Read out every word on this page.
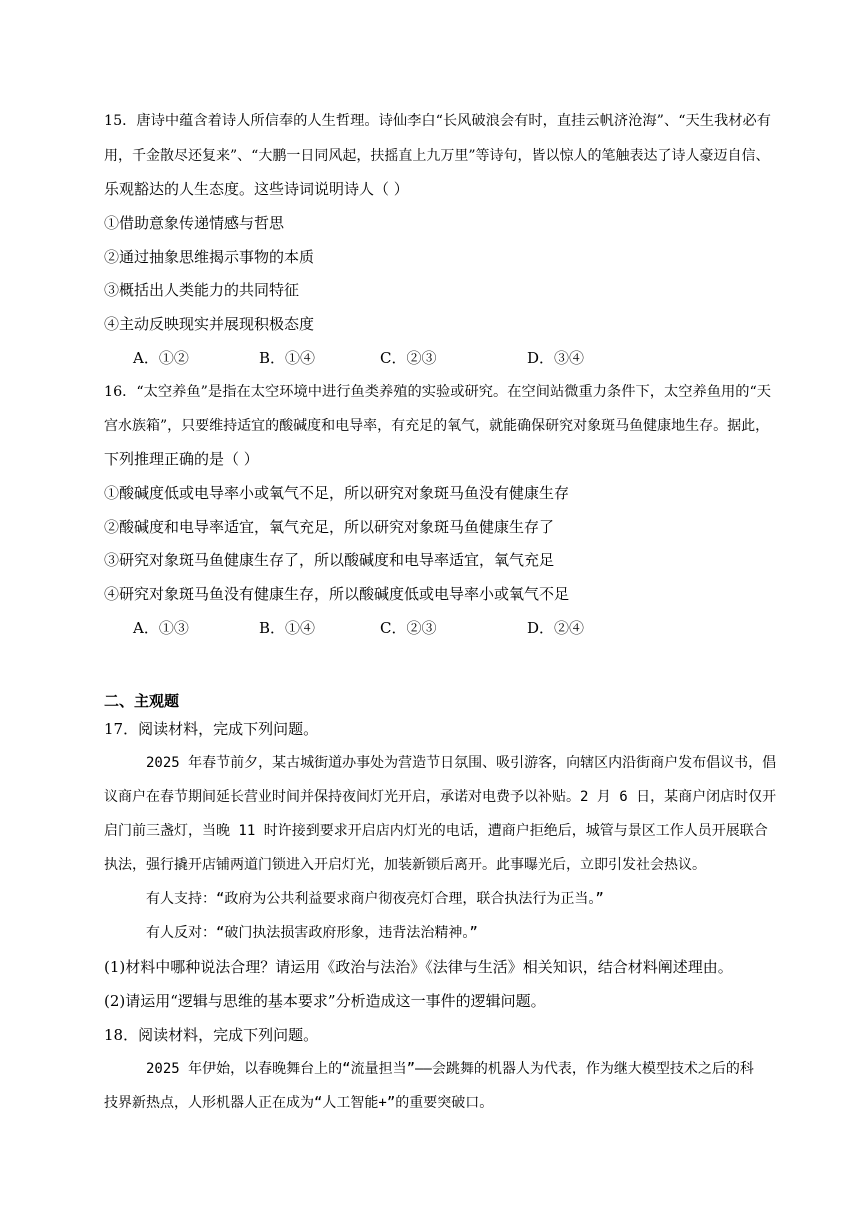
15．唐诗中蕴含着诗人所信奉的人生哲理。诗仙李白“长风破浪会有时，直挂云帆济沧海”、“天生我材必有
用，千金散尽还复来”、“大鹏一日同风起，扶摇直上九万里”等诗句，皆以惊人的笔触表达了诗人豪迈自信、
乐观豁达的人生态度。这些诗词说明诗人（ ）
①借助意象传递情感与哲思
②通过抽象思维揭示事物的本质
③概括出人类能力的共同特征
④主动反映现实并展现积极态度
A．①②	B．①④	C．②③	D．③④
16．“太空养鱼”是指在太空环境中进行鱼类养殖的实验或研究。在空间站微重力条件下，太空养鱼用的“天
宫水族箱”，只要维持适宜的酸碱度和电导率，有充足的氧气，就能确保研究对象斑马鱼健康地生存。据此，
下列推理正确的是（ ）
①酸碱度低或电导率小或氧气不足，所以研究对象斑马鱼没有健康生存
②酸碱度和电导率适宜，氧气充足，所以研究对象斑马鱼健康生存了
③研究对象斑马鱼健康生存了，所以酸碱度和电导率适宜，氧气充足
④研究对象斑马鱼没有健康生存，所以酸碱度低或电导率小或氧气不足
A．①③	B．①④	C．②③	D．②④
二、主观题
17．阅读材料，完成下列问题。
2025 年春节前夕，某古城街道办事处为营造节日氛围、吸引游客，向辖区内沿街商户发布倡议书，倡
议商户在春节期间延长营业时间并保持夜间灯光开启，承诺对电费予以补贴。2 月 6 日，某商户闭店时仅开
启门前三盏灯，当晚 11 时许接到要求开启店内灯光的电话，遭商户拒绝后，城管与景区工作人员开展联合
执法，强行撬开店铺两道门锁进入开启灯光，加装新锁后离开。此事曝光后，立即引发社会热议。
有人支持：“政府为公共利益要求商户彻夜亮灯合理，联合执法行为正当。”
有人反对：“破门执法损害政府形象，违背法治精神。”
(1)材料中哪种说法合理？请运用《政治与法治》《法律与生活》相关知识，结合材料阐述理由。
(2)请运用“逻辑与思维的基本要求”分析造成这一事件的逻辑问题。
18．阅读材料，完成下列问题。
2025 年伊始，以春晚舞台上的“流量担当”——会跳舞的机器人为代表，作为继大模型技术之后的科
技界新热点，人形机器人正在成为“人工智能+”的重要突破口。
